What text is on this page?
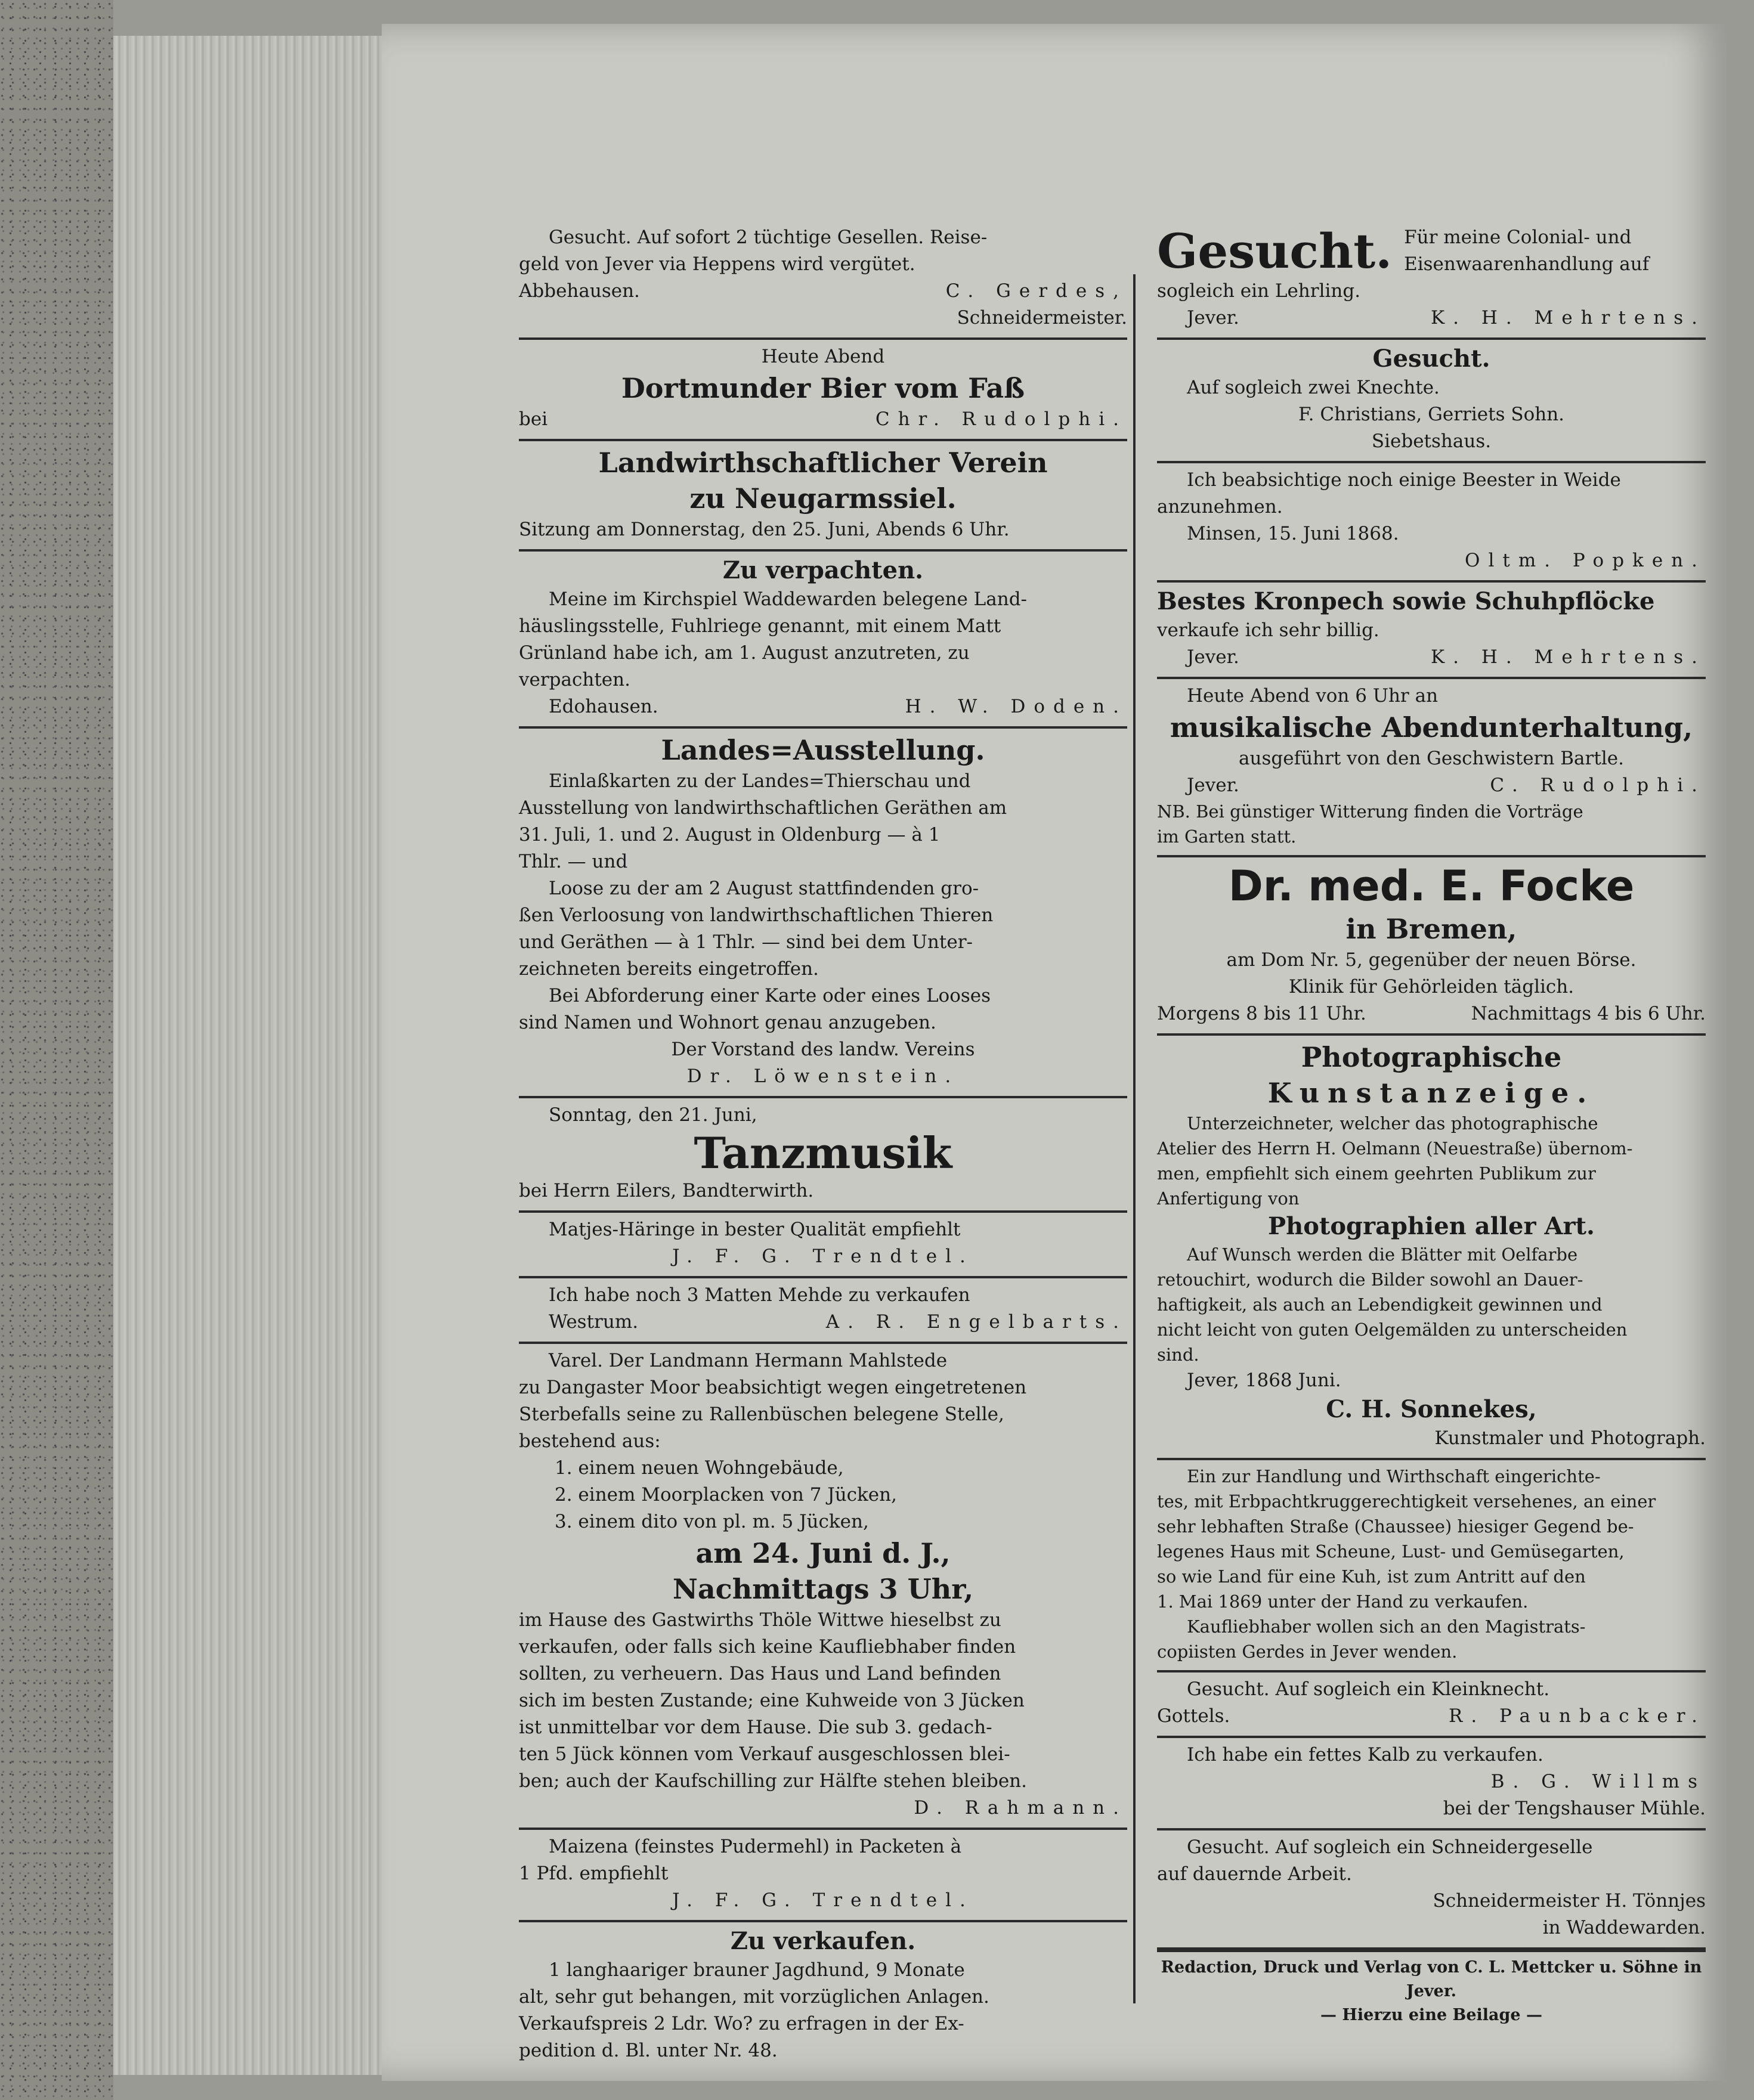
Gesucht. Auf sofort 2 tüchtige Gesellen. Reise-

geld von Jever via Heppens wird vergütet.

Abbehausen.	C. Gerdes,

Schneidermeister.

Heute Abend

Dortmunder Bier vom Faß

bei	Chr. Rudolphi.

Landwirthschaftlicher Verein

zu Neugarmssiel.

Sitzung am Donnerstag, den 25. Juni, Abends 6 Uhr.

Zu verpachten.

Meine im Kirchspiel Waddewarden belegene Land-

häuslingsstelle, Fuhlriege genannt, mit einem Matt

Grünland habe ich, am 1. August anzutreten, zu

verpachten.

Edohausen.	H. W. Doden.

Landes=Ausstellung.

Einlaßkarten zu der Landes=Thierschau und

Ausstellung von landwirthschaftlichen Geräthen am

31. Juli, 1. und 2. August in Oldenburg — à 1

Thlr. — und

Loose zu der am 2 August stattfindenden gro-

ßen Verloosung von landwirthschaftlichen Thieren

und Geräthen — à 1 Thlr. — sind bei dem Unter-

zeichneten bereits eingetroffen.

Bei Abforderung einer Karte oder eines Looses

sind Namen und Wohnort genau anzugeben.

Der Vorstand des landw. Vereins

Dr. Löwenstein.

Sonntag, den 21. Juni,

Tanzmusik

bei Herrn Eilers, Bandterwirth.

Matjes-Häringe in bester Qualität empfiehlt

J. F. G. Trendtel.

Ich habe noch 3 Matten Mehde zu verkaufen

Westrum.	A. R. Engelbarts.

Varel. Der Landmann Hermann Mahlstede

zu Dangaster Moor beabsichtigt wegen eingetretenen

Sterbefalls seine zu Rallenbüschen belegene Stelle,

bestehend aus:

1. einem neuen Wohngebäude,

2. einem Moorplacken von 7 Jücken,

3. einem dito von pl. m. 5 Jücken,

am 24. Juni d. J.,

Nachmittags 3 Uhr,

im Hause des Gastwirths Thöle Wittwe hieselbst zu

verkaufen, oder falls sich keine Kaufliebhaber finden

sollten, zu verheuern. Das Haus und Land befinden

sich im besten Zustande; eine Kuhweide von 3 Jücken

ist unmittelbar vor dem Hause. Die sub 3. gedach-

ten 5 Jück können vom Verkauf ausgeschlossen blei-

ben; auch der Kaufschilling zur Hälfte stehen bleiben.

D. Rahmann.

Maizena (feinstes Pudermehl) in Packeten à

1 Pfd. empfiehlt

J. F. G. Trendtel.

Zu verkaufen.

1 langhaariger brauner Jagdhund, 9 Monate

alt, sehr gut behangen, mit vorzüglichen Anlagen.

Verkaufspreis 2 Ldr. Wo? zu erfragen in der Ex-

pedition d. Bl. unter Nr. 48.

Gesucht. Für meine Colonial- und

Eisenwaarenhandlung auf

sogleich ein Lehrling.

Jever.	K. H. Mehrtens.

Gesucht.

Auf sogleich zwei Knechte.

F. Christians, Gerriets Sohn.

Siebetshaus.

Ich beabsichtige noch einige Beester in Weide

anzunehmen.

Minsen, 15. Juni 1868.

Oltm. Popken.

Bestes Kronpech sowie Schuhpflöcke

verkaufe ich sehr billig.

Jever.	K. H. Mehrtens.

Heute Abend von 6 Uhr an

musikalische Abendunterhaltung,

ausgeführt von den Geschwistern Bartle.

Jever.	C. Rudolphi.

NB. Bei günstiger Witterung finden die Vorträge

im Garten statt.

Dr. med. E. Focke

in Bremen,

am Dom Nr. 5, gegenüber der neuen Börse.

Klinik für Gehörleiden täglich.

Morgens 8 bis 11 Uhr.	Nachmittags 4 bis 6 Uhr.

Photographische

Kunstanzeige.

Unterzeichneter, welcher das photographische

Atelier des Herrn H. Oelmann (Neuestraße) übernom-

men, empfiehlt sich einem geehrten Publikum zur

Anfertigung von

Photographien aller Art.

Auf Wunsch werden die Blätter mit Oelfarbe

retouchirt, wodurch die Bilder sowohl an Dauer-

haftigkeit, als auch an Lebendigkeit gewinnen und

nicht leicht von guten Oelgemälden zu unterscheiden

sind.

Jever, 1868 Juni.

C. H. Sonnekes,

Kunstmaler und Photograph.

Ein zur Handlung und Wirthschaft eingerichte-

tes, mit Erbpachtkruggerechtigkeit versehenes, an einer

sehr lebhaften Straße (Chaussee) hiesiger Gegend be-

legenes Haus mit Scheune, Lust- und Gemüsegarten,

so wie Land für eine Kuh, ist zum Antritt auf den

1. Mai 1869 unter der Hand zu verkaufen.

Kaufliebhaber wollen sich an den Magistrats-

copiisten Gerdes in Jever wenden.

Gesucht. Auf sogleich ein Kleinknecht.

Gottels.	R. Paunbacker.

Ich habe ein fettes Kalb zu verkaufen.

B. G. Willms

bei der Tengshauser Mühle.

Gesucht. Auf sogleich ein Schneidergeselle

auf dauernde Arbeit.

Schneidermeister H. Tönnjes

in Waddewarden.

Redaction, Druck und Verlag von C. L. Mettcker u. Söhne in Jever.

— Hierzu eine Beilage —
